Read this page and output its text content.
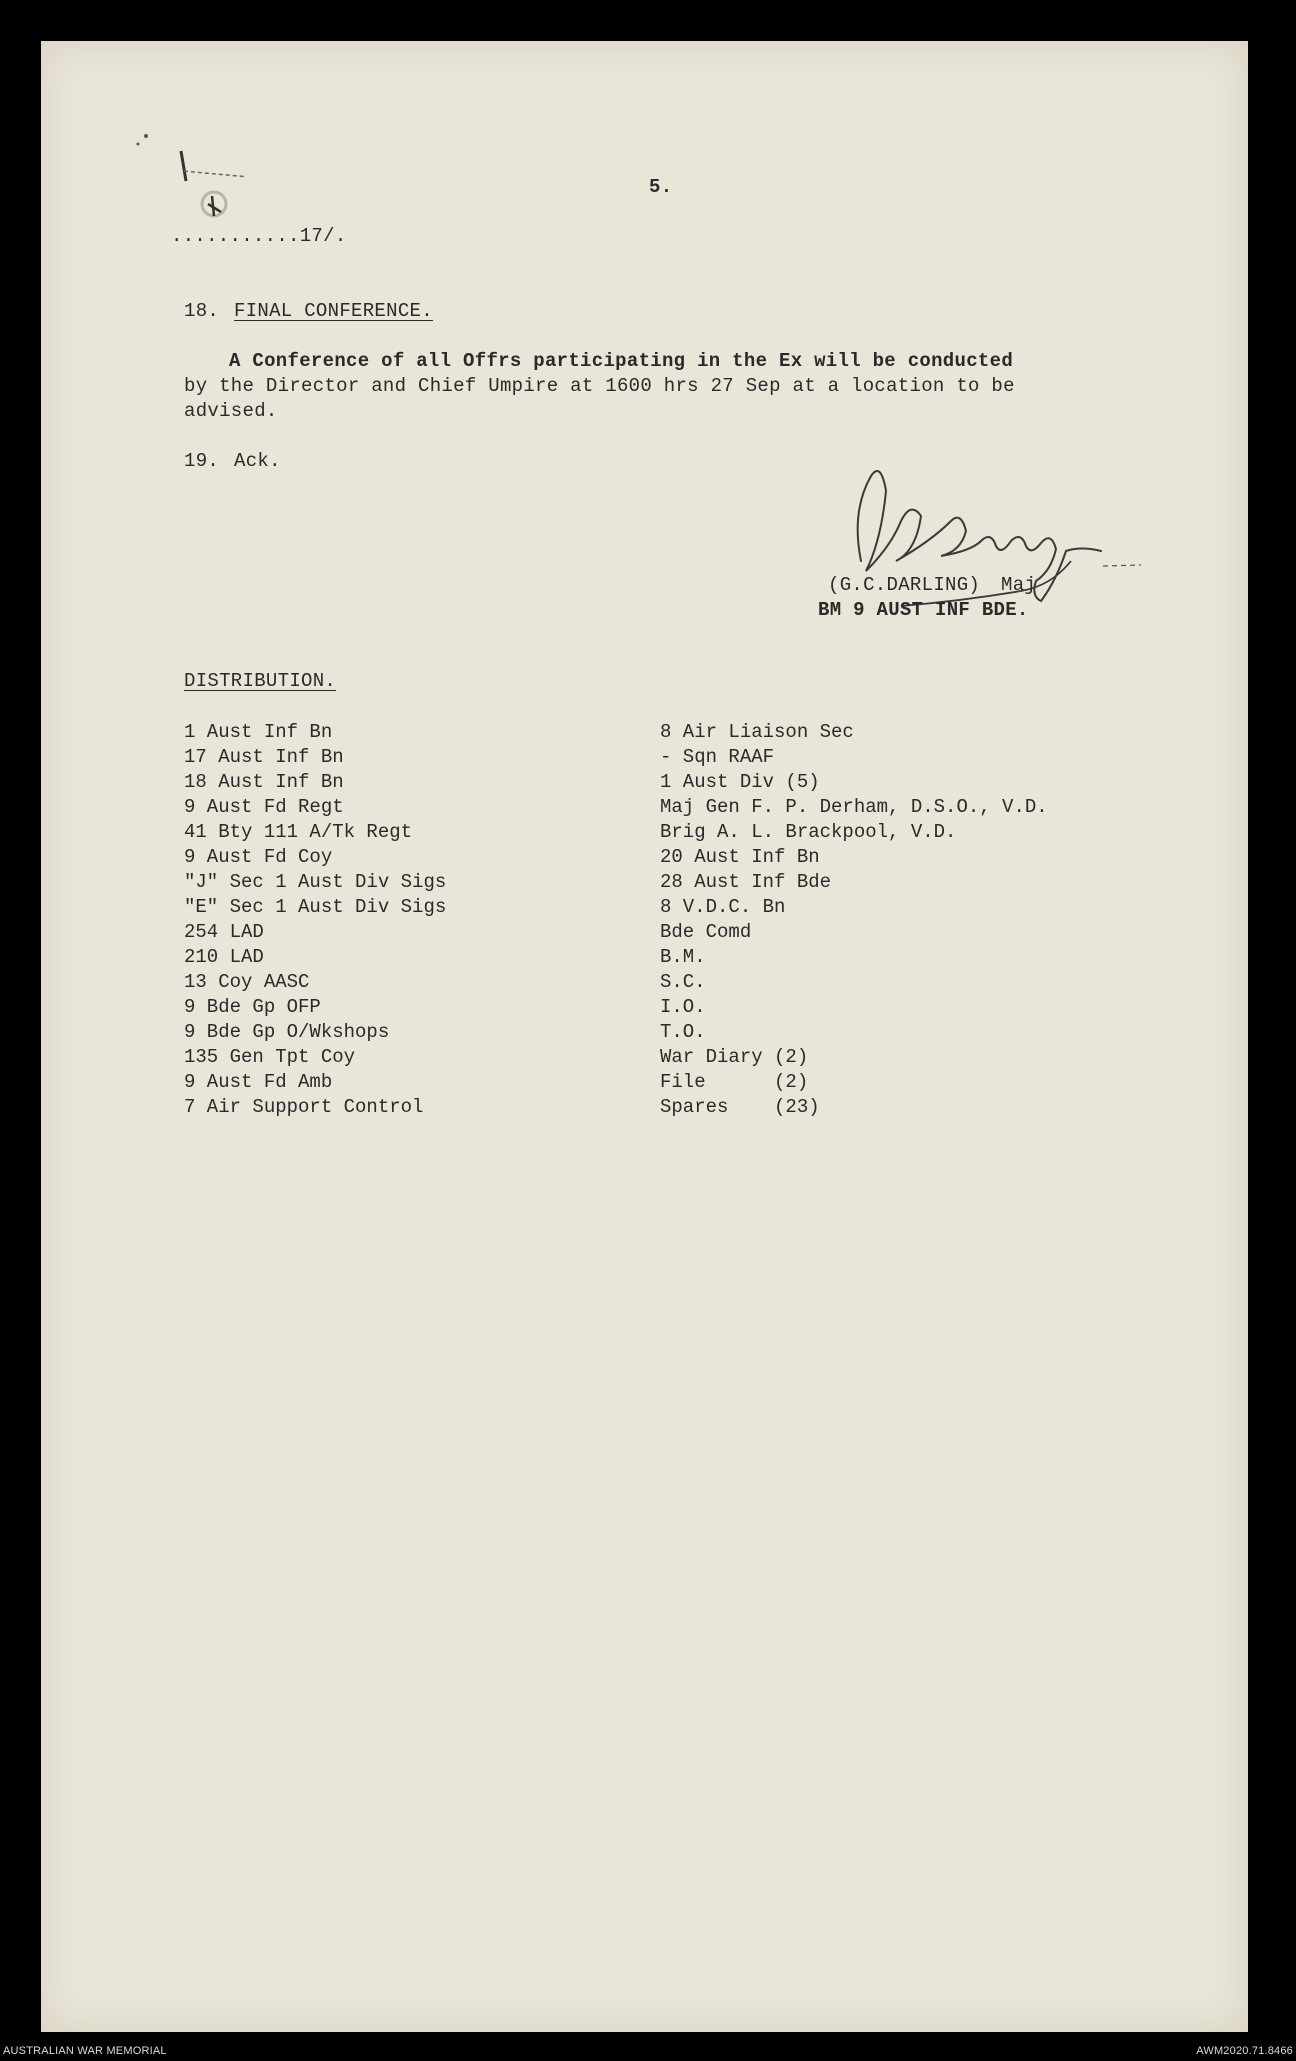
5.
...........17/.
18. FINAL CONFERENCE.
A Conference of all Offrs participating in the Ex will be conducted
by the Director and Chief Umpire at 1600 hrs 27 Sep at a location to be
advised.
19. Ack.
(G.C.DARLING) Maj
BM 9 AUST INF BDE.
DISTRIBUTION.
1 Aust Inf Bn
17 Aust Inf Bn
18 Aust Inf Bn
9 Aust Fd Regt
41 Bty 111 A/Tk Regt
9 Aust Fd Coy
"J" Sec 1 Aust Div Sigs
"E" Sec 1 Aust Div Sigs
254 LAD
210 LAD
13 Coy AASC
9 Bde Gp OFP
9 Bde Gp O/Wkshops
135 Gen Tpt Coy
9 Aust Fd Amb
7 Air Support Control
8 Air Liaison Sec
- Sqn RAAF
1 Aust Div (5)
Maj Gen F. P. Derham, D.S.O., V.D.
Brig A. L. Brackpool, V.D.
20 Aust Inf Bn
28 Aust Inf Bde
8 V.D.C. Bn
Bde Comd
B.M.
S.C.
I.O.
T.O.
War Diary (2)
File      (2)
Spares    (23)
AUSTRALIAN WAR MEMORIAL	AWM2020.71.8466
